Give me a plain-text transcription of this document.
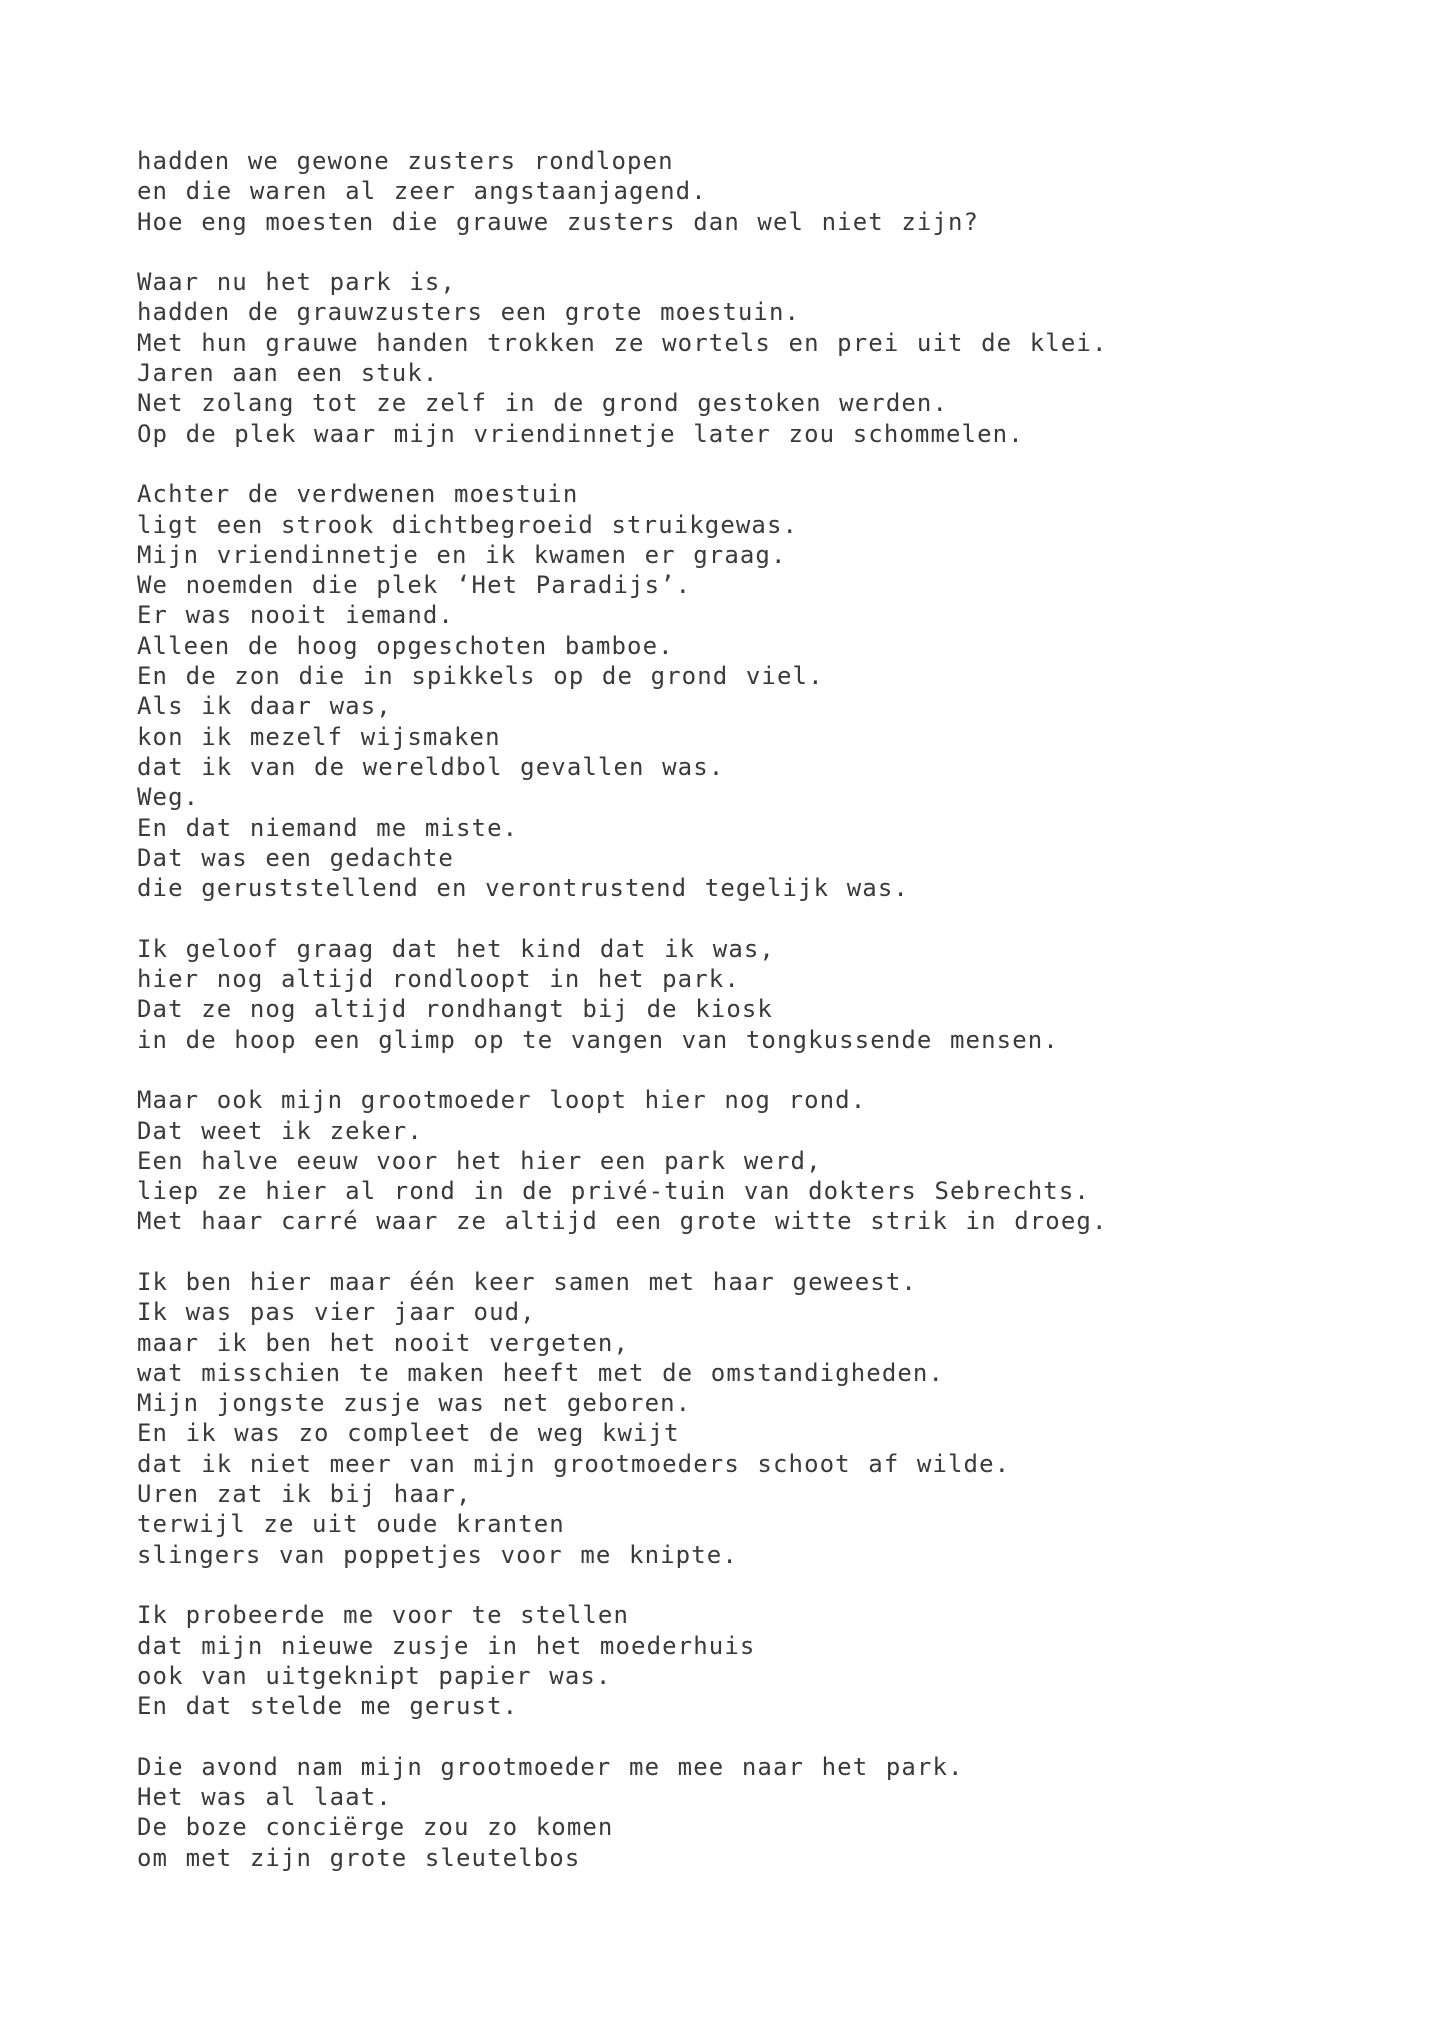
hadden we gewone zusters rondlopen
en die waren al zeer angstaanjagend.
Hoe eng moesten die grauwe zusters dan wel niet zijn?
Waar nu het park is,
hadden de grauwzusters een grote moestuin.
Met hun grauwe handen trokken ze wortels en prei uit de klei.
Jaren aan een stuk.
Net zolang tot ze zelf in de grond gestoken werden.
Op de plek waar mijn vriendinnetje later zou schommelen.
Achter de verdwenen moestuin
ligt een strook dichtbegroeid struikgewas.
Mijn vriendinnetje en ik kwamen er graag.
We noemden die plek ‘Het Paradijs’.
Er was nooit iemand.
Alleen de hoog opgeschoten bamboe.
En de zon die in spikkels op de grond viel.
Als ik daar was,
kon ik mezelf wijsmaken
dat ik van de wereldbol gevallen was.
Weg.
En dat niemand me miste.
Dat was een gedachte
die geruststellend en verontrustend tegelijk was.
Ik geloof graag dat het kind dat ik was,
hier nog altijd rondloopt in het park.
Dat ze nog altijd rondhangt bij de kiosk
in de hoop een glimp op te vangen van tongkussende mensen.
Maar ook mijn grootmoeder loopt hier nog rond.
Dat weet ik zeker.
Een halve eeuw voor het hier een park werd,
liep ze hier al rond in de privé-tuin van dokters Sebrechts.
Met haar carré waar ze altijd een grote witte strik in droeg.
Ik ben hier maar één keer samen met haar geweest.
Ik was pas vier jaar oud,
maar ik ben het nooit vergeten,
wat misschien te maken heeft met de omstandigheden.
Mijn jongste zusje was net geboren.
En ik was zo compleet de weg kwijt
dat ik niet meer van mijn grootmoeders schoot af wilde.
Uren zat ik bij haar,
terwijl ze uit oude kranten
slingers van poppetjes voor me knipte.
Ik probeerde me voor te stellen
dat mijn nieuwe zusje in het moederhuis
ook van uitgeknipt papier was.
En dat stelde me gerust.
Die avond nam mijn grootmoeder me mee naar het park.
Het was al laat.
De boze conciërge zou zo komen
om met zijn grote sleutelbos
